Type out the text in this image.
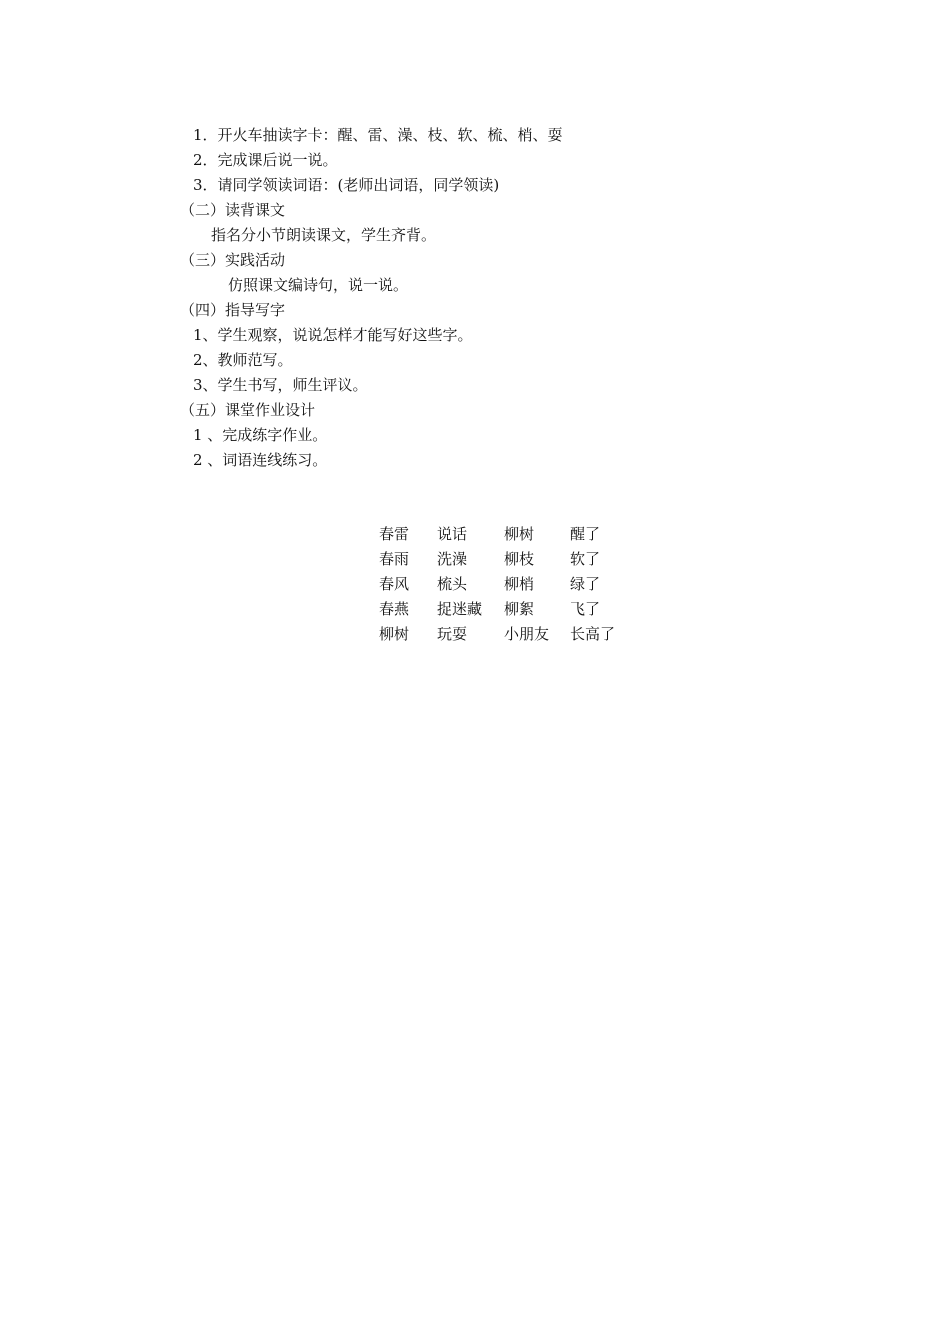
1．开火车抽读字卡：醒、雷、澡、枝、软、梳、梢、耍
2．完成课后说一说。
3．请同学领读词语：(老师出词语，同学领读)
（二）读背课文
指名分小节朗读课文，学生齐背。
（三）实践活动
仿照课文编诗句，说一说。
（四）指导写字
1、学生观察，说说怎样才能写好这些字。
2、教师范写。
3、学生书写，师生评议。
（五）课堂作业设计
1 、完成练字作业。
2 、词语连线练习。
春雷	说话	柳树	醒了
春雨	洗澡	柳枝	软了
春风	梳头	柳梢	绿了
春燕	捉迷藏	柳絮	飞了
柳树	玩耍	小朋友	长高了
